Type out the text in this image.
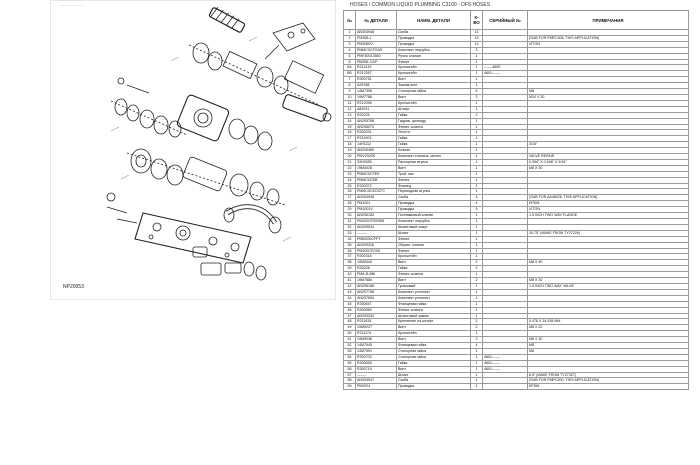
--------- ------ ---
NP20053
HOSES / COMMON LIQUID PLUMBING C3100 - DFS HOSES
№	№ ДЕТАЛИ	НАИМ. ДЕТАЛИ	К-ВО	СЕРИЙНЫЙ №	ПРИМЕЧАНИЯ
1	AN304948	Скоба	13		
2	PM306-L	Проводка	13		(SUB FOR PMPC308, THIS APPLICATION)
3	PM3060V	Проводка	13		VITON
4	PMMC0CFGAS	Комплект патрубок	3		
5	PMF80013560	Ручно клапан	1		
6	PM306-CAP	Фитинг	1		
6A	R211419	Кронштейн	1	-------4600	
6B	R212267	Кронштейн	1	4601-------	
7	R300751	Винт	1		
8	A25788	Зажим-шпл	1		
9	14M7396	Стопорная гайка	6		M8
10	19M7786	Винт	2		M10 X 30
11	R212095	Кронштейн	1		
12	A82931	Штифт	1		
13	R32226	Гайка	2		
14	AN205788	Гидрав. цилиндр	1		
15	AN206073	Фитинг шланга	1		
16	R300231	Уплотн.	1		
17	R211003	Гайка	1		
18	14H1112	Гайка	1		3/16"
19	AN209489	Клапан	1		
20	PMV2020S	Комплект клапана, механ.	1		VALVE REPAIR
21	33H3455	Распорная втулка	1		0.394" X 0.548" X 9/16"
22	19M4026	Винт	1		M8 X 30
23	PMMC0CFEE	Трой. ник	1		
24	PMMC0CEB	Фитинг	1		
25	R300372	Фланец	1		
26	PMMC0CEOCFC	Переходная втулка	1		
27	AN304948	Скоба	4		(SUB FOR AA48226, THIS APPLICATION)
28	PM1001	Проводка	4		EPDM
29	PM1001V	Проводка	5		VITON
30	AN206183	Поплавковый клапан	1		1.5 INCH TWO WAY FLANGE
31	PM200CF0005M	Комплект патрубок	1		
32	AN209544	Шланговый хомут	1		
33	--------	Шланг	1		15.75" (MAKE FROM TY27226)
34	PMM200CFPT	Фитинг	1		
35	AN209316	Обратн. клапан	1		
36	PM200CFG05	Фитинг	1		
37	R300316	Кронштейн	1		
38	19M9440	Винт	2		M8 X 40
39	R32226	Гайка	2		
40	PM4-B-286	Фитинг шланга	1		
41	19M7886	Винт	2		M8 X 30
42	AN206186	Гусаковый	1		1.5 INCH TWO WAY VALVE
43	AN207758	Комплект уплотнит.	1		
44	AN207654	Комплект уплотнит.	1		
45	R300547	Фланцевая гайка	1		
46	R300569	Фитинг шланга	1		
47	AN209343	Шланговый зажим	1		
48	R211634	Крепление на штифт	2		0.476 X 34.938 MM
49	19M9227	Винт	2		M8 X 22
50	R211174	Кронштейн	1		
51	19M9036	Винт	2		M8 X 30
52	14M7945	Фланцевая гайка	4		M8
53	14M7591	Стопорная гайка	1		M8
54	R300703	Стопорная гайка	1	4601-------	
55	R300638	Гайка	1	4601-------	
56	R300719	Винт	1	4601-------	
57	--------	Шланг	1		6.5" (MAKE FROM TY27327)
58	AN304947	Скоба	1		(SUB FOR PMPC200, THIS APPLICATION)
59	PM2001	Проводка	1		EPDM
